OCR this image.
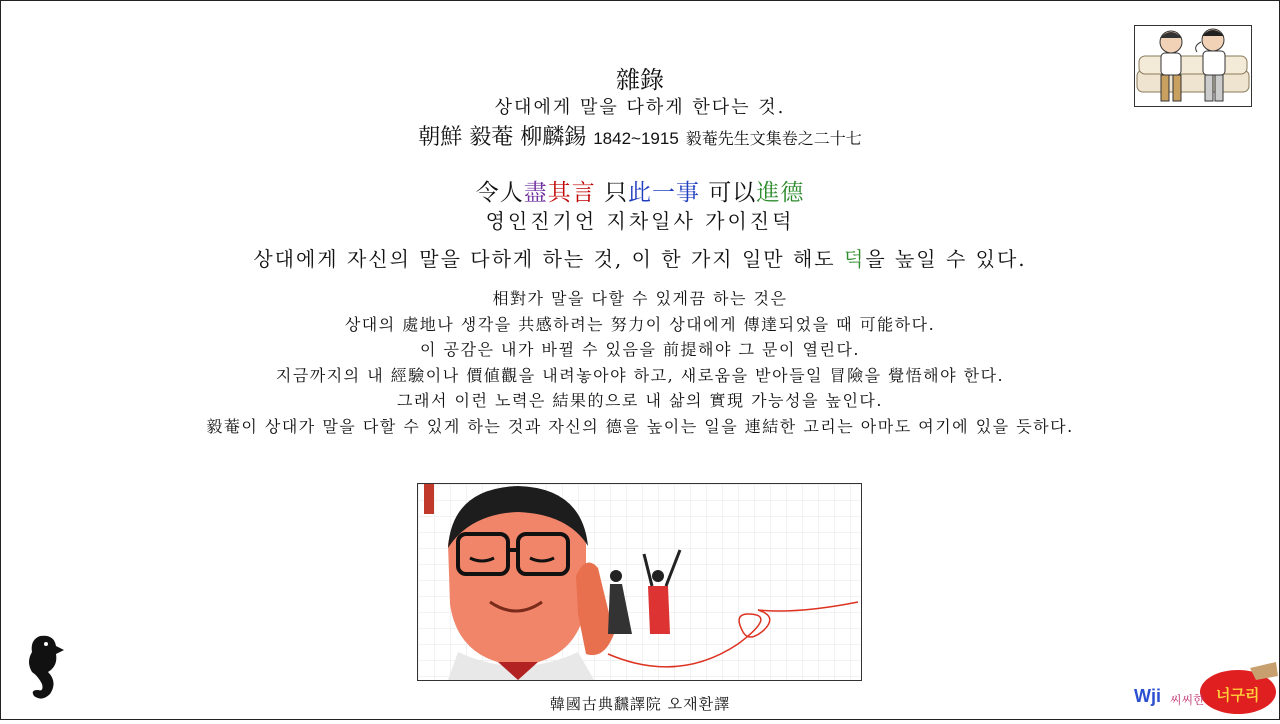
雜錄
상대에게 말을 다하게 한다는 것.
朝鮮 毅菴 柳麟錫 1842~1915 毅菴先生文集卷之二十七
令人盡其言 只此一事 可以進德
영인진기언 지차일사 가이진덕
상대에게 자신의 말을 다하게 하는 것, 이 한 가지 일만 해도 덕을 높일 수 있다.
相對가 말을 다할 수 있게끔 하는 것은
상대의 處地나 생각을 共感하려는 努力이 상대에게 傳達되었을 때 可能하다.
이 공감은 내가 바뀔 수 있음을 前提해야 그 문이 열린다.
지금까지의 내 經驗이나 價値觀을 내려놓아야 하고, 새로움을 받아들일 冒險을 覺悟해야 한다.
그래서 이런 노력은 結果的으로 내 삶의 實現 가능성을 높인다.
毅菴이 상대가 말을 다할 수 있게 하는 것과 자신의 德을 높이는 일을 連結한 고리는 아마도 여기에 있을 듯하다.
韓國古典飜譯院 오재환譯	Wji 씨씨한 너구리
